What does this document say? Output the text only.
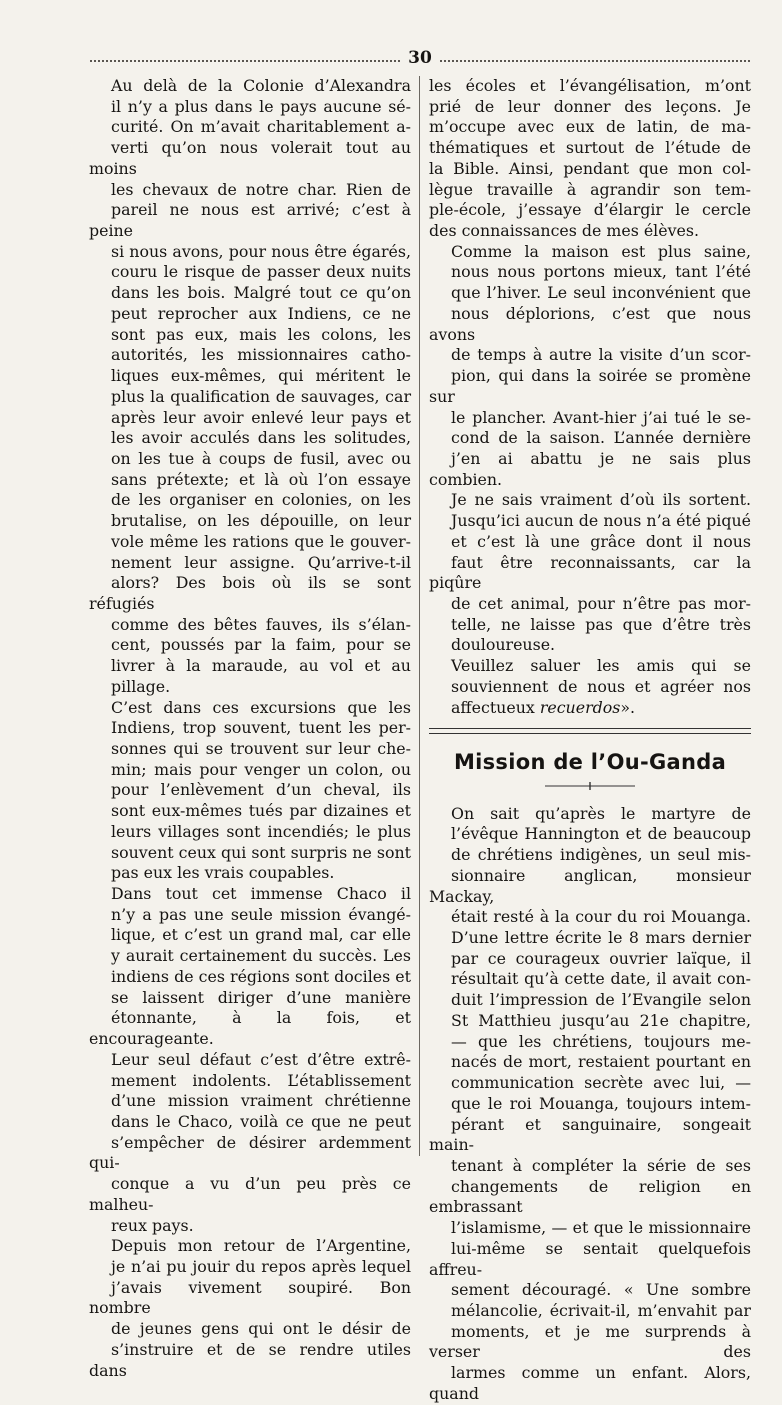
30

Au delà de la Colonie d’Alexandra
il n’y a plus dans le pays aucune sé-
curité. On m’avait charitablement a-
verti qu’on nous volerait tout au moins
les chevaux de notre char. Rien de
pareil ne nous est arrivé; c’est à peine
si nous avons, pour nous être égarés,
couru le risque de passer deux nuits
dans les bois. Malgré tout ce qu’on
peut reprocher aux Indiens, ce ne
sont pas eux, mais les colons, les
autorités, les missionnaires catho-
liques eux-mêmes, qui méritent le
plus la qualification de sauvages, car
après leur avoir enlevé leur pays et
les avoir acculés dans les solitudes,
on les tue à coups de fusil, avec ou
sans prétexte; et là où l’on essaye
de les organiser en colonies, on les
brutalise, on les dépouille, on leur
vole même les rations que le gouver-
nement leur assigne. Qu’arrive-t-il
alors? Des bois où ils se sont réfugiés
comme des bêtes fauves, ils s’élan-
cent, poussés par la faim, pour se
livrer à la maraude, au vol et au
pillage.

C’est dans ces excursions que les
Indiens, trop souvent, tuent les per-
sonnes qui se trouvent sur leur che-
min; mais pour venger un colon, ou
pour l’enlèvement d’un cheval, ils
sont eux-mêmes tués par dizaines et
leurs villages sont incendiés; le plus
souvent ceux qui sont surpris ne sont
pas eux les vrais coupables.

Dans tout cet immense Chaco il
n’y a pas une seule mission évangé-
lique, et c’est un grand mal, car elle
y aurait certainement du succès. Les
indiens de ces régions sont dociles et
se laissent diriger d’une manière
étonnante, à la fois, et encourageante.
Leur seul défaut c’est d’être extrê-
mement indolents. L’établissement
d’une mission vraiment chrétienne
dans le Chaco, voilà ce que ne peut
s’empêcher de désirer ardemment qui-
conque a vu d’un peu près ce malheu-
reux pays.

Depuis mon retour de l’Argentine,
je n’ai pu jouir du repos après lequel
j’avais vivement soupiré. Bon nombre
de jeunes gens qui ont le désir de
s’instruire et de se rendre utiles dans

les écoles et l’évangélisation, m’ont
prié de leur donner des leçons. Je
m’occupe avec eux de latin, de ma-
thématiques et surtout de l’étude de
la Bible. Ainsi, pendant que mon col-
lègue travaille à agrandir son tem-
ple-école, j’essaye d’élargir le cercle
des connaissances de mes élèves.

Comme la maison est plus saine,
nous nous portons mieux, tant l’été
que l’hiver. Le seul inconvénient que
nous déplorions, c’est que nous avons
de temps à autre la visite d’un scor-
pion, qui dans la soirée se promène sur
le plancher. Avant-hier j’ai tué le se-
cond de la saison. L’année dernière
j’en ai abattu je ne sais plus combien.
Je ne sais vraiment d’où ils sortent.
Jusqu’ici aucun de nous n’a été piqué
et c’est là une grâce dont il nous
faut être reconnaissants, car la piqûre
de cet animal, pour n’être pas mor-
telle, ne laisse pas que d’être très
douloureuse.

Veuillez saluer les amis qui se
souviennent de nous et agréer nos
affectueux recuerdos».

Mission de l’Ou-Ganda

On sait qu’après le martyre de
l’évêque Hannington et de beaucoup
de chrétiens indigènes, un seul mis-
sionnaire anglican, monsieur Mackay,
était resté à la cour du roi Mouanga.
D’une lettre écrite le 8 mars dernier
par ce courageux ouvrier laïque, il
résultait qu’à cette date, il avait con-
duit l’impression de l’Evangile selon
St Matthieu jusqu’au 21e chapitre,
— que les chrétiens, toujours me-
nacés de mort, restaient pourtant en
communication secrète avec lui, —
que le roi Mouanga, toujours intem-
pérant et sanguinaire, songeait main-
tenant à compléter la série de ses
changements de religion en embrassant
l’islamisme, — et que le missionnaire
lui-même se sentait quelquefois affreu-
sement découragé. « Une sombre
mélancolie, écrivait-il, m’envahit par
moments, et je me surprends à verser des
larmes comme un enfant. Alors, quand
